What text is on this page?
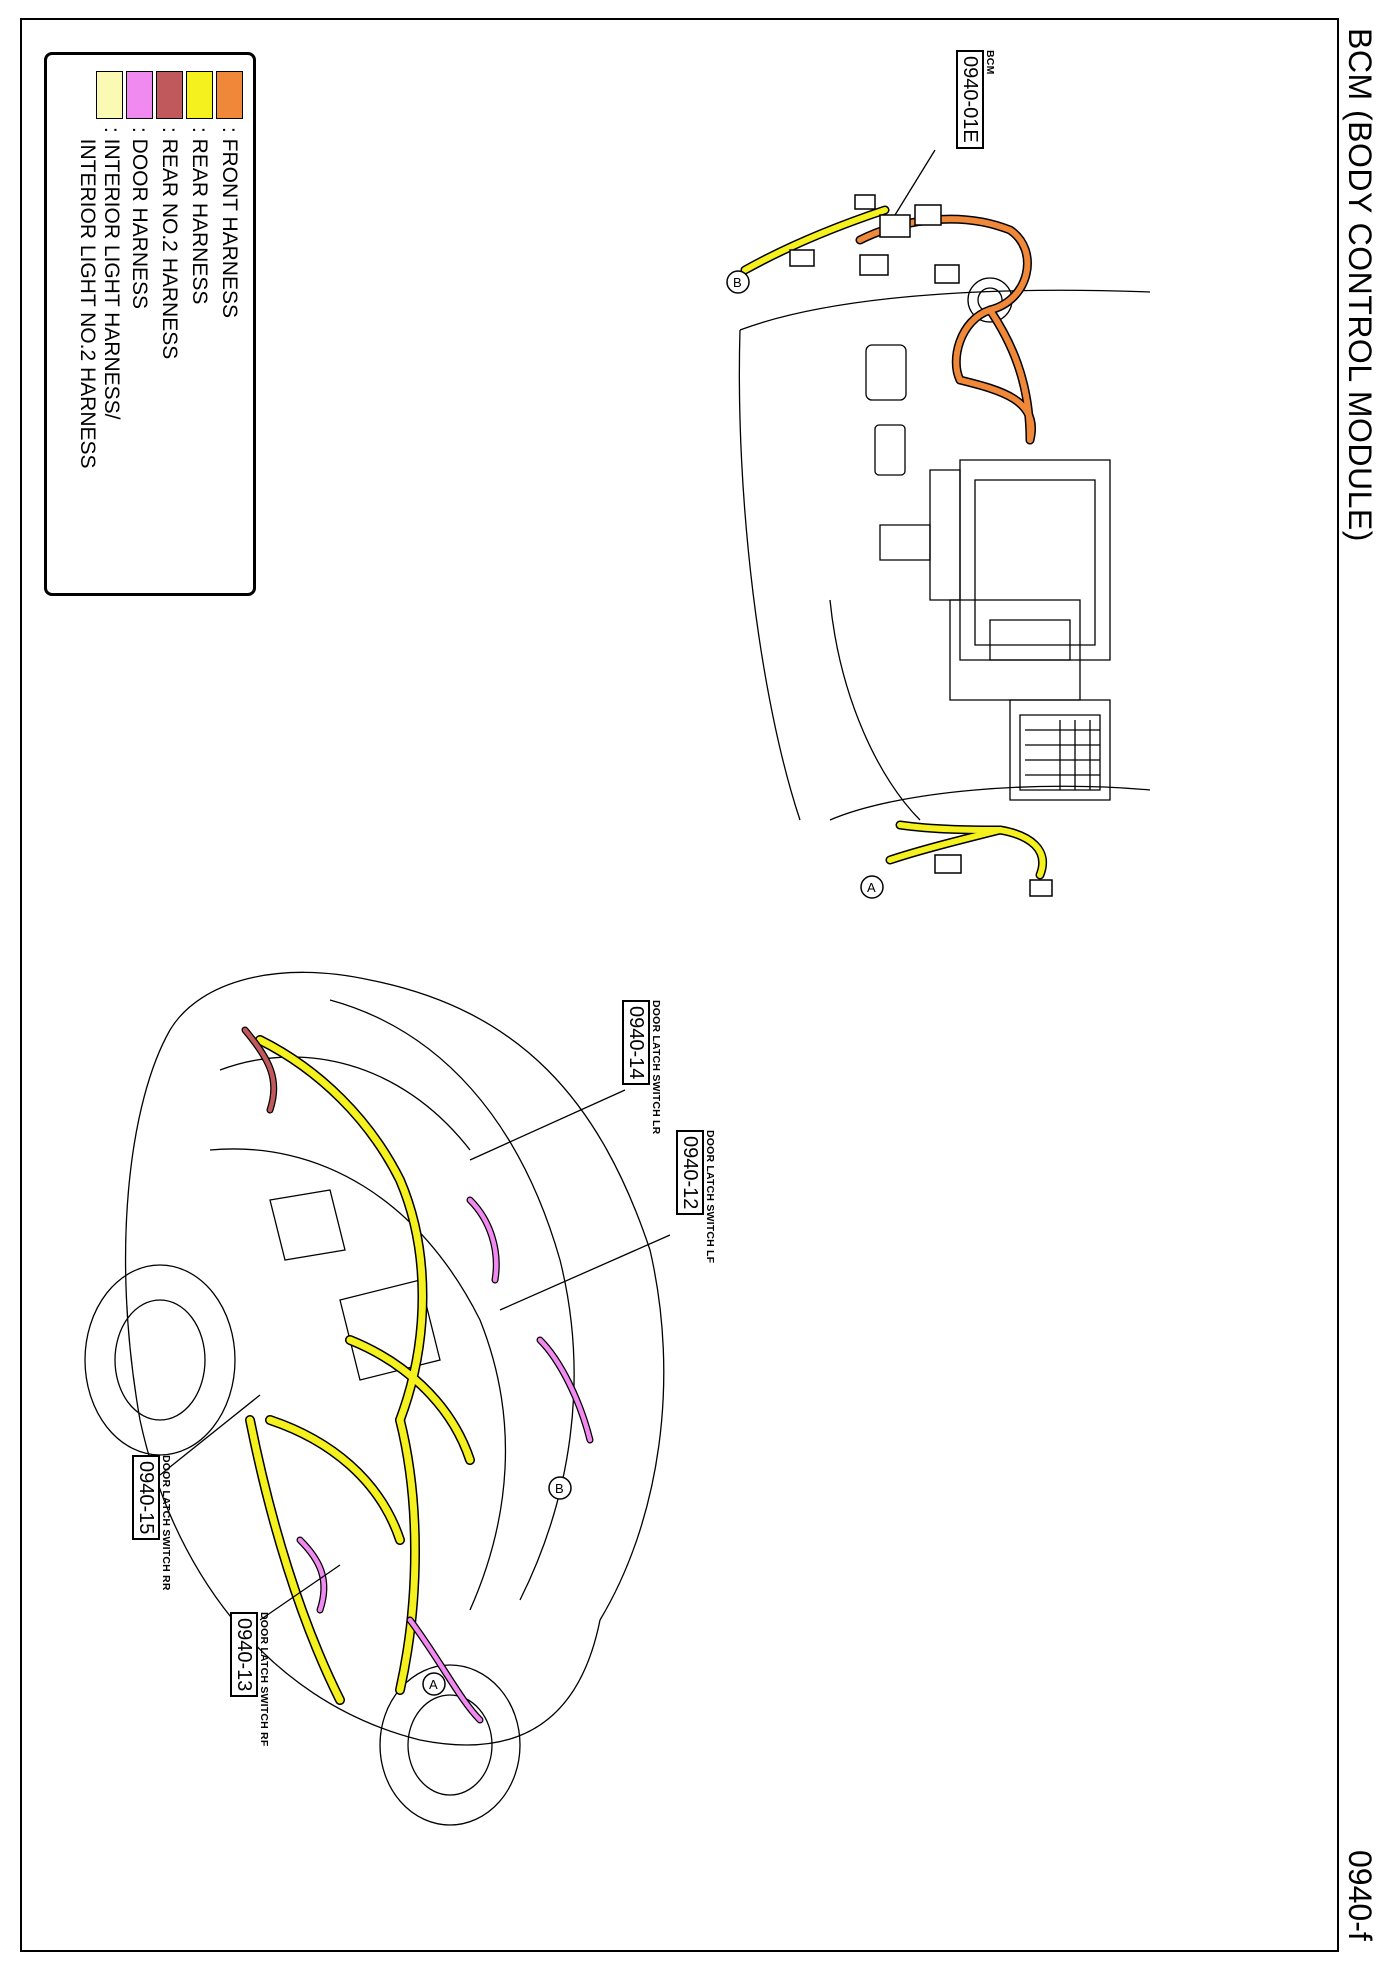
BCM (BODY CONTROL MODULE)
0940-f
B
A
B
A
: FRONT HARNESS
: REAR HARNESS
: REAR NO.2 HARNESS
: DOOR HARNESS
: INTERIOR LIGHT HARNESS/
INTERIOR LIGHT NO.2 HARNESS
BCM
0940-01E
DOOR LATCH SWITCH LR
0940-14
DOOR LATCH SWITCH LF
0940-12
DOOR LATCH SWITCH RR
0940-15
DOOR LATCH SWITCH RF
0940-13
